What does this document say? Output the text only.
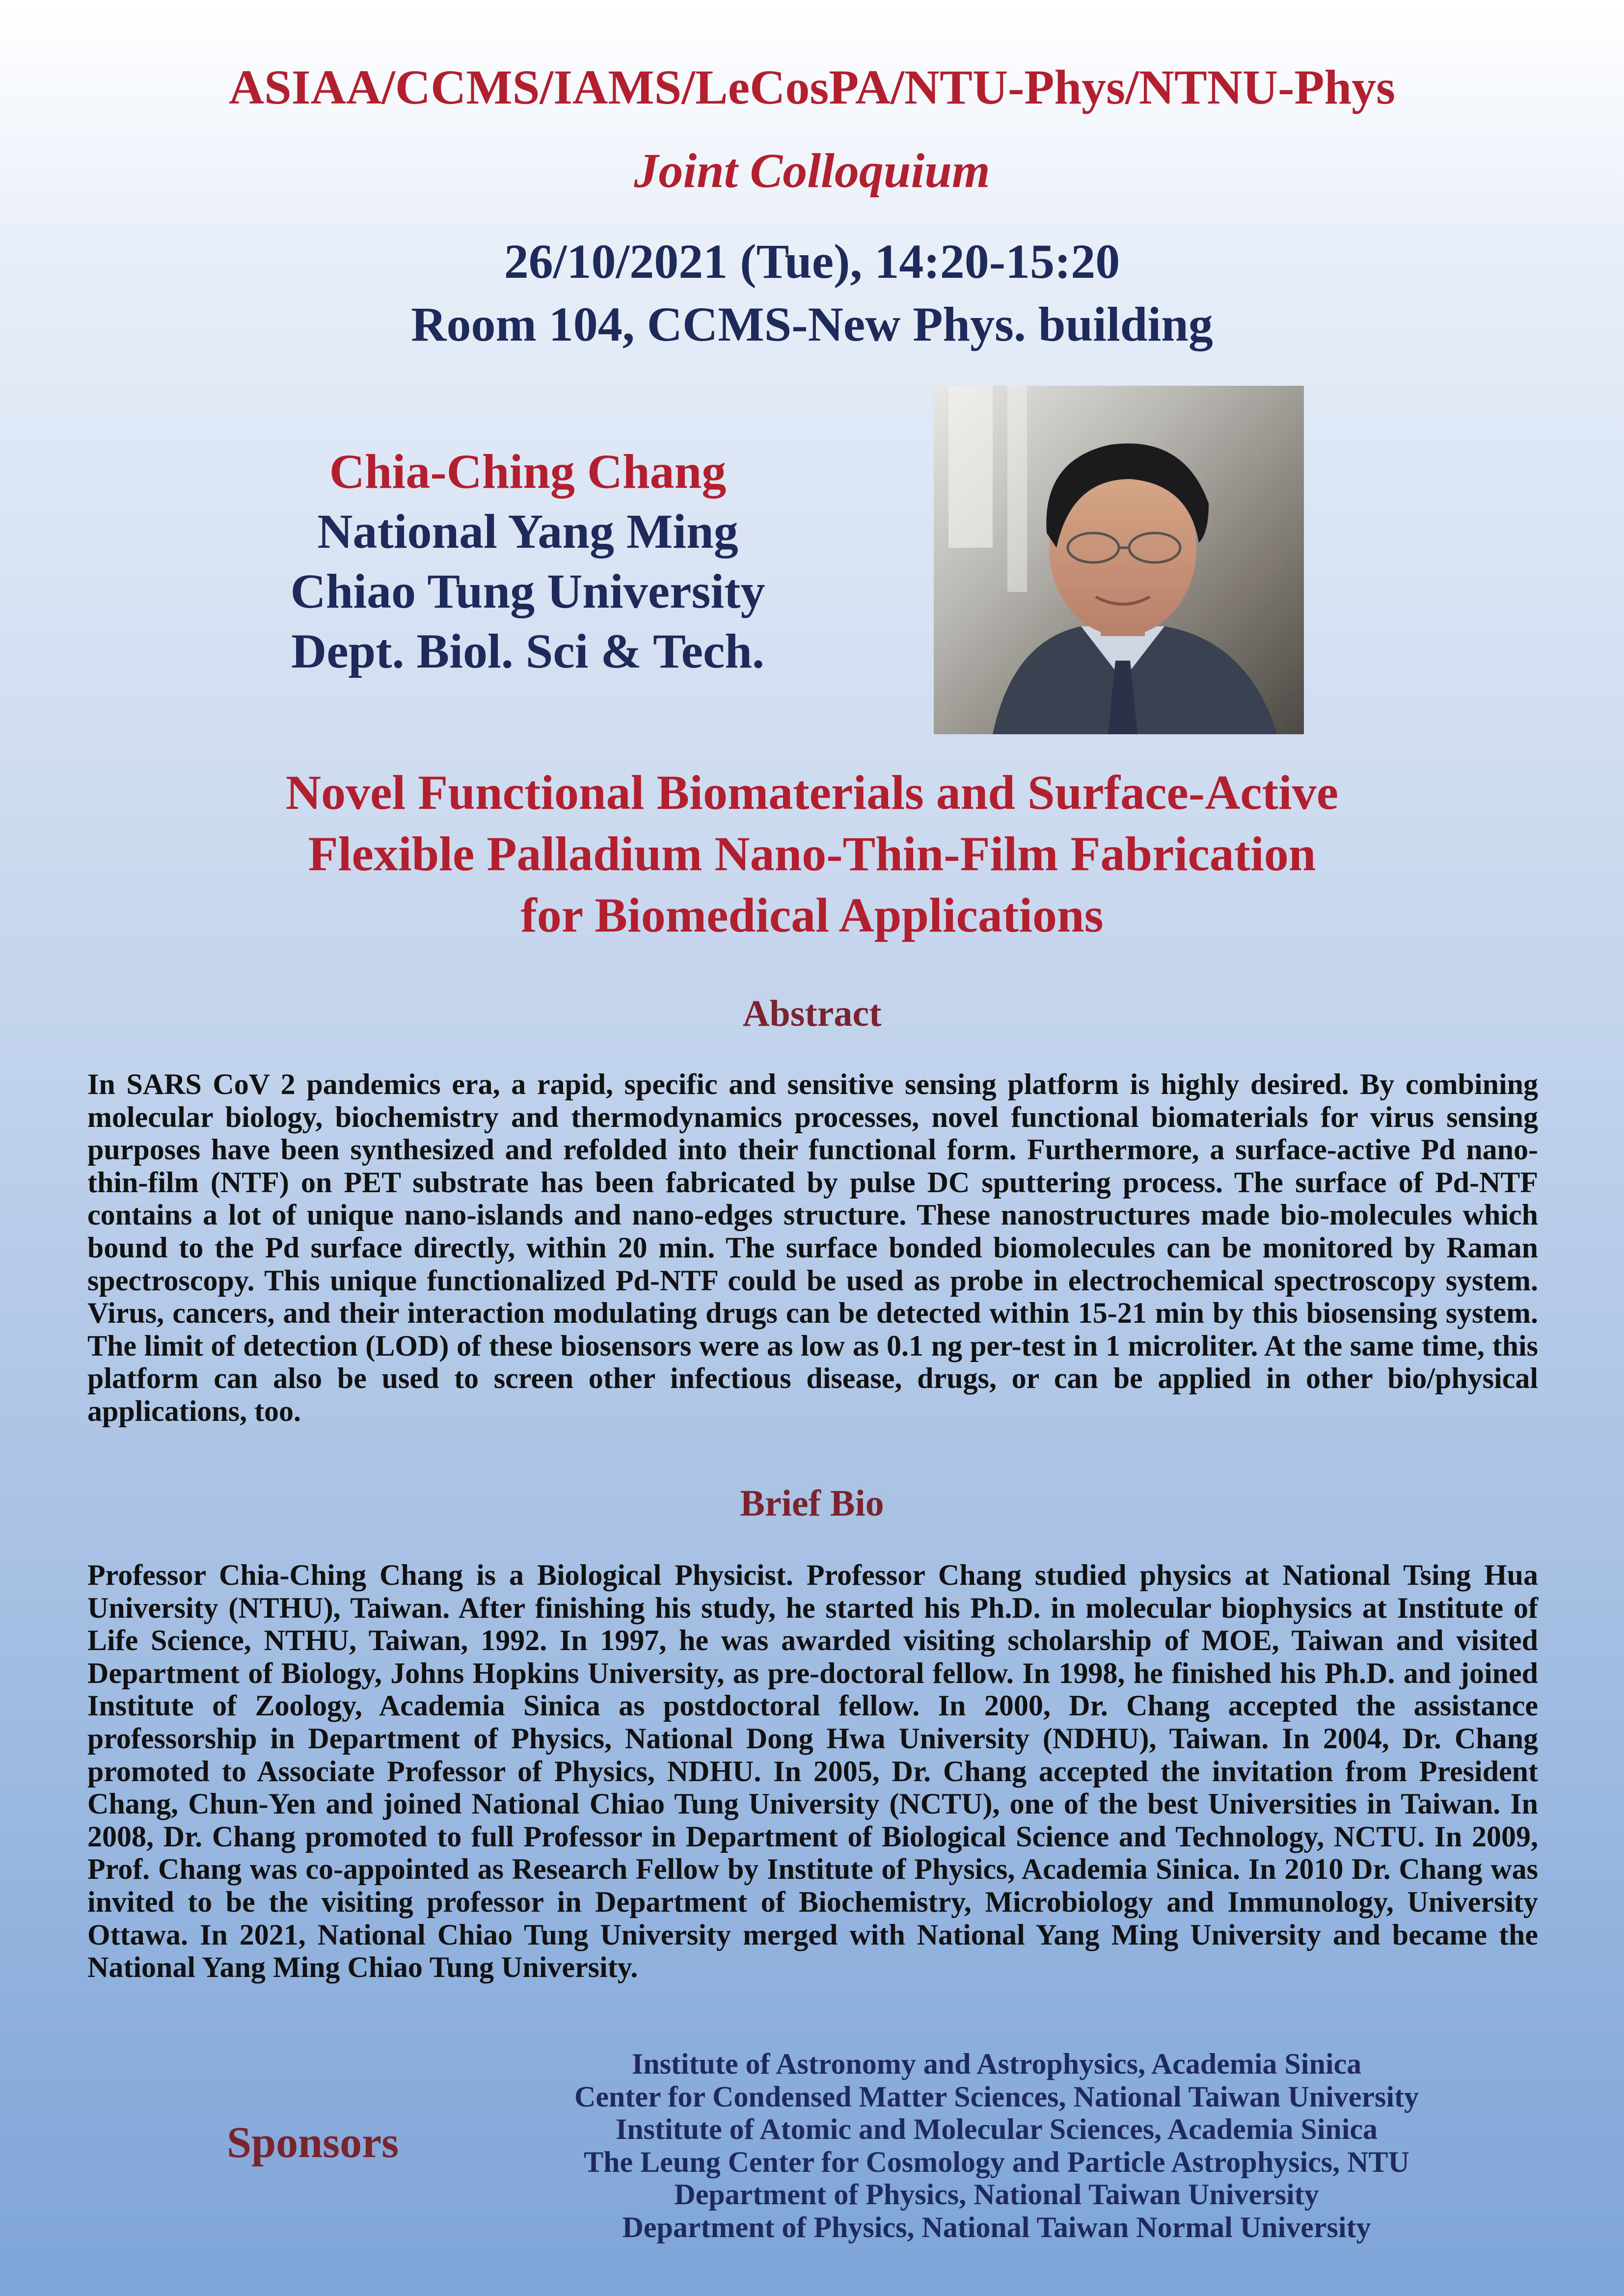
ASIAA/CCMS/IAMS/LeCosPA/NTU-Phys/NTNU-Phys
Joint Colloquium
26/10/2021 (Tue), 14:20-15:20
Room 104, CCMS-New Phys. building
Chia-Ching Chang
National Yang Ming
Chiao Tung University
Dept. Biol. Sci & Tech.
Novel Functional Biomaterials and Surface-Active
Flexible Palladium Nano-Thin-Film Fabrication
for Biomedical Applications
Abstract

In SARS CoV 2 pandemics era, a rapid, specific and sensitive sensing platform is highly desired. By combining molecular biology, biochemistry and thermodynamics processes, novel functional biomaterials for virus sensing purposes have been synthesized and refolded into their functional form. Furthermore, a surface-active Pd nano-thin-film (NTF) on PET substrate has been fabricated by pulse DC sputtering process. The surface of Pd-NTF contains a lot of unique nano-islands and nano-edges structure. These nanostructures made bio-molecules which bound to the Pd surface directly, within 20 min. The surface bonded biomolecules can be monitored by Raman spectroscopy. This unique functionalized Pd-NTF could be used as probe in electrochemical spectroscopy system. Virus, cancers, and their interaction modulating drugs can be detected within 15-21 min by this biosensing system. The limit of detection (LOD) of these biosensors were as low as 0.1 ng per-test in 1 microliter. At the same time, this platform can also be used to screen other infectious disease, drugs, or can be applied in other bio/physical applications, too.

Brief Bio

Professor Chia-Ching Chang is a Biological Physicist. Professor Chang studied physics at National Tsing Hua University (NTHU), Taiwan. After finishing his study, he started his Ph.D. in molecular biophysics at Institute of Life Science, NTHU, Taiwan, 1992. In 1997, he was awarded visiting scholarship of MOE, Taiwan and visited Department of Biology, Johns Hopkins University, as pre-doctoral fellow. In 1998, he finished his Ph.D. and joined Institute of Zoology, Academia Sinica as postdoctoral fellow. In 2000, Dr. Chang accepted the assistance professorship in Department of Physics, National Dong Hwa University (NDHU), Taiwan. In 2004, Dr. Chang promoted to Associate Professor of Physics, NDHU. In 2005, Dr. Chang accepted the invitation from President Chang, Chun-Yen and joined National Chiao Tung University (NCTU), one of the best Universities in Taiwan. In 2008, Dr. Chang promoted to full Professor in Department of Biological Science and Technology, NCTU. In 2009, Prof. Chang was co-appointed as Research Fellow by Institute of Physics, Academia Sinica. In 2010 Dr. Chang was invited to be the visiting professor in Department of Biochemistry, Microbiology and Immunology, University Ottawa. In 2021, National Chiao Tung University merged with National Yang Ming University and became the National Yang Ming Chiao Tung University.

Sponsors
Institute of Astronomy and Astrophysics, Academia Sinica
Center for Condensed Matter Sciences, National Taiwan University
Institute of Atomic and Molecular Sciences, Academia Sinica
The Leung Center for Cosmology and Particle Astrophysics, NTU
Department of Physics, National Taiwan University
Department of Physics, National Taiwan Normal University
